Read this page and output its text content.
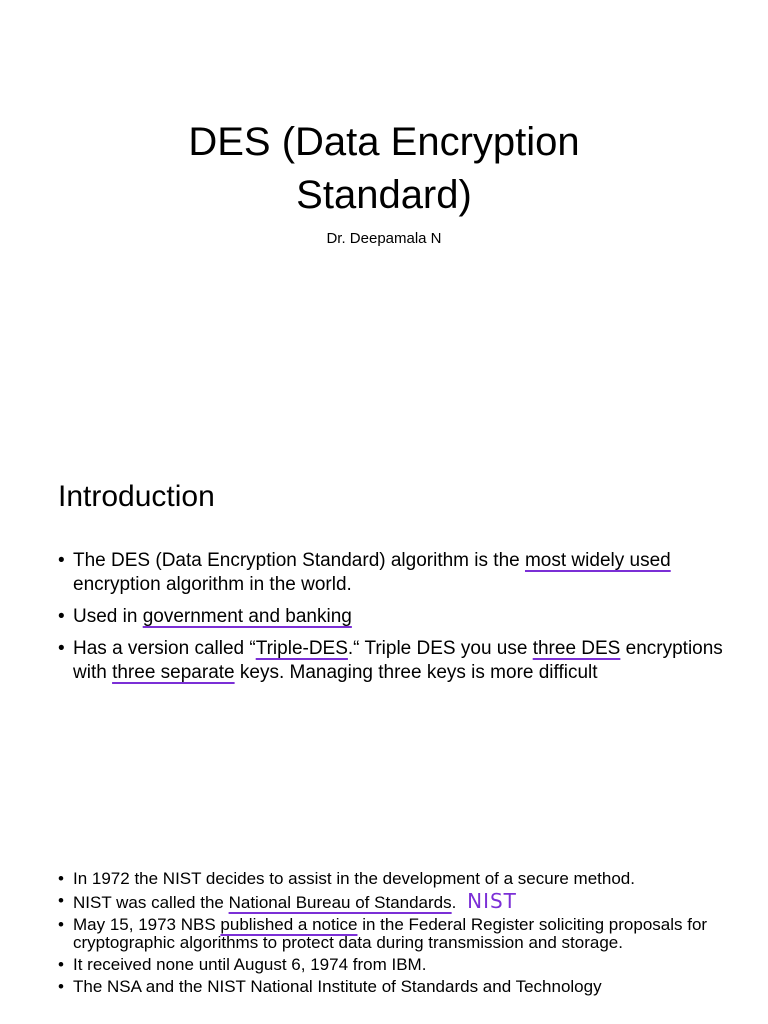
DES (Data Encryption
Standard)
Dr. Deepamala N
Introduction
• The DES (Data Encryption Standard) algorithm is the most widely used encryption algorithm in the world.
• Used in government and banking
• Has a version called “Triple-DES.“ Triple DES you use three DES encryptions with three separate keys. Managing three keys is more difficult
• In 1972 the NIST decides to assist in the development of a secure method.
• NIST was called the National Bureau of Standards. NIST
• May 15, 1973 NBS published a notice in the Federal Register soliciting proposals for cryptographic algorithms to protect data during transmission and storage.
• It received none until August 6, 1974 from IBM.
• The NSA and the NIST National Institute of Standards and Technology
